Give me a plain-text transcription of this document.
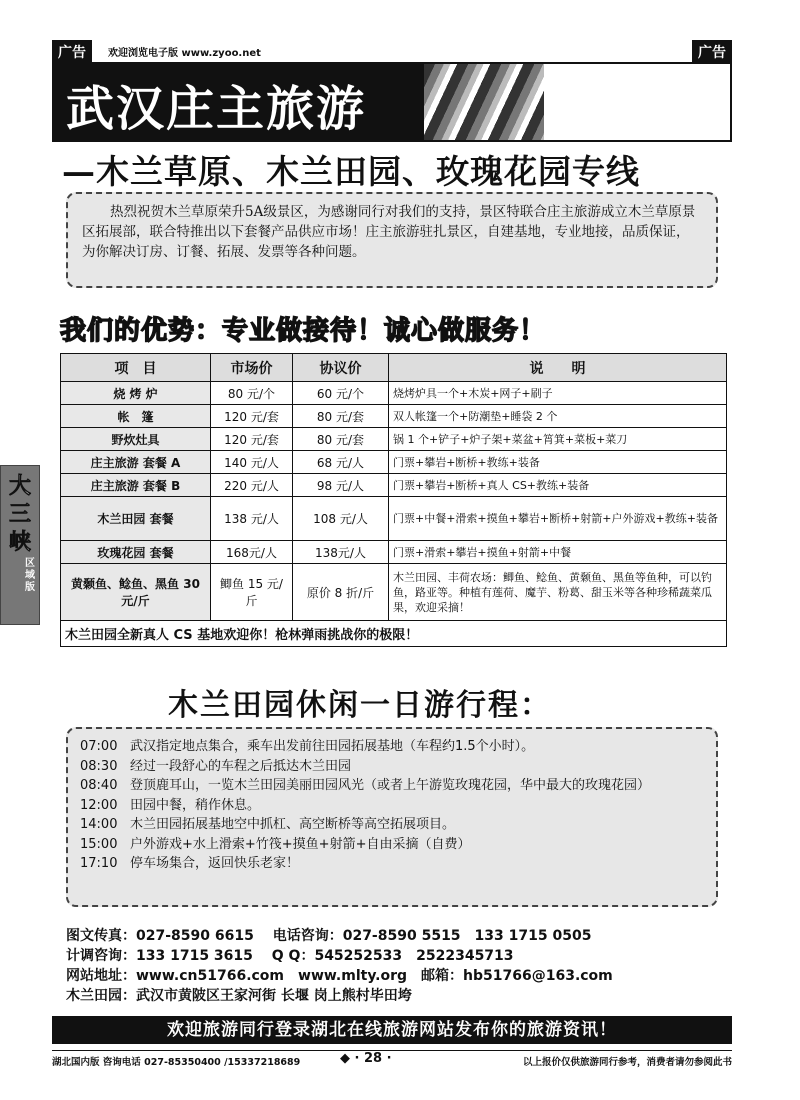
广告	欢迎浏览电子版 www.zyoo.net	广告
武汉庄主旅游
—木兰草原、木兰田园、玫瑰花园专线
热烈祝贺木兰草原荣升5A级景区，为感谢同行对我们的支持，景区特联合庄主旅游成立木兰草原景区拓展部，联合特推出以下套餐产品供应市场！庄主旅游驻扎景区，自建基地，专业地接，品质保证，为你解决订房、订餐、拓展、发票等各种问题。
我们的优势：专业做接待！诚心做服务！
项　目	市场价	协议价	说　　明
烧 烤 炉	80 元/个	60 元/个	烧烤炉具一个+木炭+网子+刷子
帐　篷	120 元/套	80 元/套	双人帐篷一个+防潮垫+睡袋 2 个
野炊灶具	120 元/套	80 元/套	锅 1 个+铲子+炉子架+菜盆+筲箕+菜板+菜刀
庄主旅游 套餐 A	140 元/人	68 元/人	门票+攀岩+断桥+教练+装备
庄主旅游 套餐 B	220 元/人	98 元/人	门票+攀岩+断桥+真人 CS+教练+装备
木兰田园 套餐	138 元/人	108 元/人	门票+中餐+滑索+摸鱼+攀岩+断桥+射箭+户外游戏+教练+装备
玫瑰花园 套餐	168元/人	138元/人	门票+滑索+攀岩+摸鱼+射箭+中餐
黄颡鱼、鲶鱼、黑鱼 30 元/斤	鲫鱼 15 元/斤	原价 8 折/斤	木兰田园、丰荷农场：鲫鱼、鲶鱼、黄颡鱼、黑鱼等鱼种，可以钓鱼，路亚等。种植有莲荷、魔芋、粉葛、甜玉米等各种珍稀蔬菜瓜果，欢迎采摘！
木兰田园全新真人 CS 基地欢迎你！枪林弹雨挑战你的极限！			
大三峡
区域版
木兰田园休闲一日游行程：
07:00 武汉指定地点集合，乘车出发前往田园拓展基地（车程约1.5个小时）。
08:30 经过一段舒心的车程之后抵达木兰田园
08:40 登顶鹿耳山，一览木兰田园美丽田园风光（或者上午游览玫瑰花园，华中最大的玫瑰花园）
12:00 田园中餐，稍作休息。
14:00 木兰田园拓展基地空中抓杠、高空断桥等高空拓展项目。
15:00 户外游戏+水上滑索+竹筏+摸鱼+射箭+自由采摘（自费）
17:10 停车场集合，返回快乐老家！
图文传真：027-8590 6615　 电话咨询：027-8590 5515　133 1715 0505
计调咨询：133 1715 3615　 Q Q：545252533　2522345713
网站地址：www.cn51766.com　www.mlty.org　邮箱：hb51766@163.com
木兰田园：武汉市黄陂区王家河街 长堰 岗上熊村毕田垮
欢迎旅游同行登录湖北在线旅游网站发布你的旅游资讯！
湖北国内版 咨询电话 027-85350400 /15337218689	◆ · 28 ·	以上报价仅供旅游同行参考，消费者请勿参阅此书
